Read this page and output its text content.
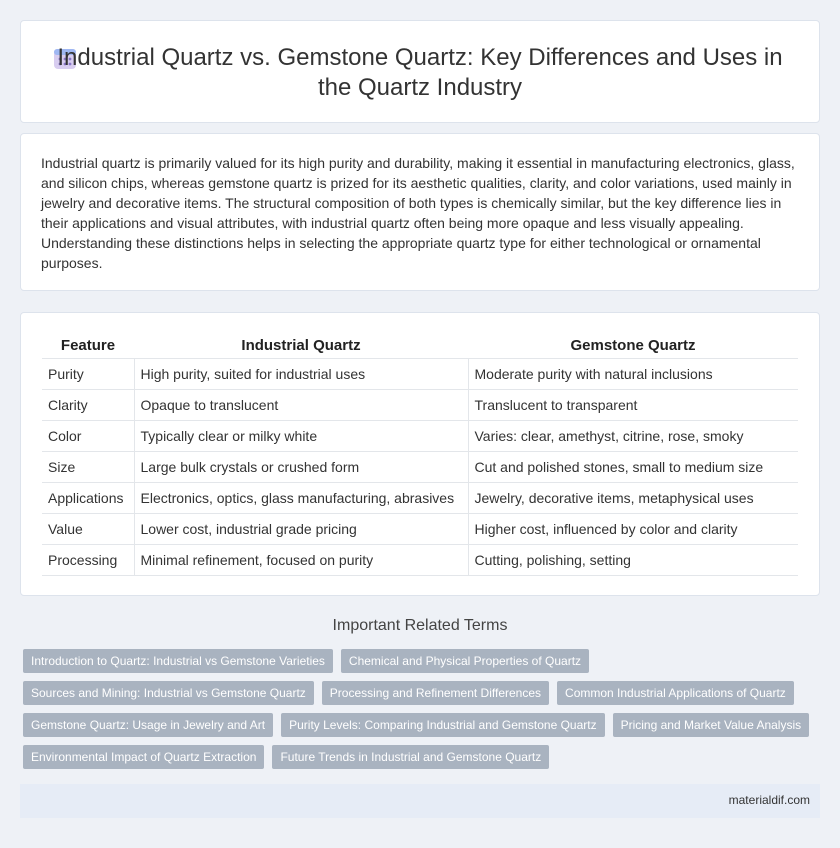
Industrial Quartz vs. Gemstone Quartz: Key Differences and Uses in the Quartz Industry

Industrial quartz is primarily valued for its high purity and durability, making it essential in manufacturing electronics, glass, and silicon chips, whereas gemstone quartz is prized for its aesthetic qualities, clarity, and color variations, used mainly in jewelry and decorative items. The structural composition of both types is chemically similar, but the key difference lies in their applications and visual attributes, with industrial quartz often being more opaque and less visually appealing. Understanding these distinctions helps in selecting the appropriate quartz type for either technological or ornamental purposes.

Feature	Industrial Quartz	Gemstone Quartz
Purity	High purity, suited for industrial uses	Moderate purity with natural inclusions
Clarity	Opaque to translucent	Translucent to transparent
Color	Typically clear or milky white	Varies: clear, amethyst, citrine, rose, smoky
Size	Large bulk crystals or crushed form	Cut and polished stones, small to medium size
Applications	Electronics, optics, glass manufacturing, abrasives	Jewelry, decorative items, metaphysical uses
Value	Lower cost, industrial grade pricing	Higher cost, influenced by color and clarity
Processing	Minimal refinement, focused on purity	Cutting, polishing, setting
Important Related Terms
Introduction to Quartz: Industrial vs Gemstone Varieties	Chemical and Physical Properties of Quartz
Sources and Mining: Industrial vs Gemstone Quartz	Processing and Refinement Differences	Common Industrial Applications of Quartz
Gemstone Quartz: Usage in Jewelry and Art	Purity Levels: Comparing Industrial and Gemstone Quartz	Pricing and Market Value Analysis
Environmental Impact of Quartz Extraction	Future Trends in Industrial and Gemstone Quartz
materialdif.com
